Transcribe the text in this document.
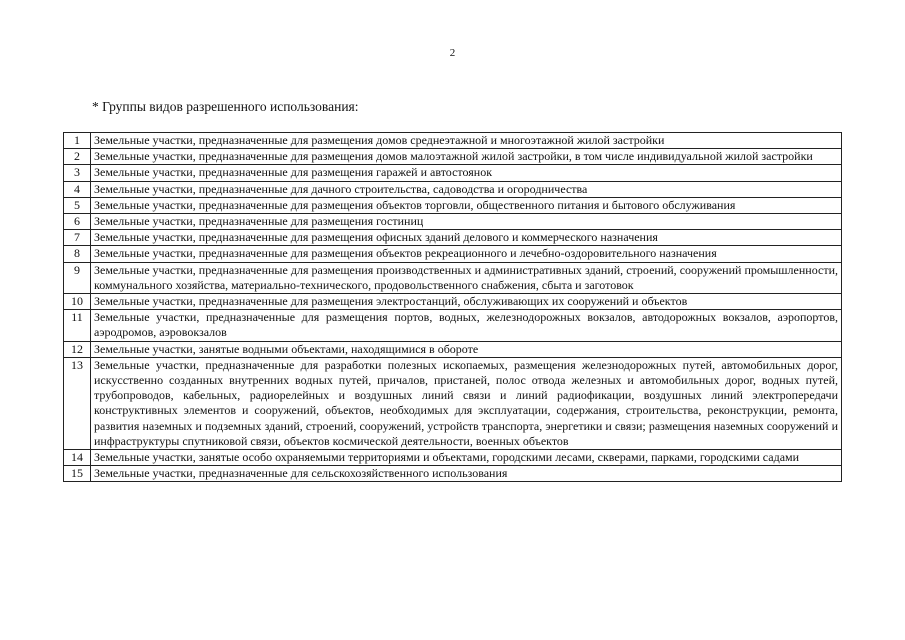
2
* Группы видов разрешенного использования:
1	Земельные участки, предназначенные для размещения домов среднеэтажной и многоэтажной жилой застройки
2	Земельные участки, предназначенные для размещения домов малоэтажной жилой застройки, в том числе индивидуальной жилой застройки
3	Земельные участки, предназначенные для размещения гаражей и автостоянок
4	Земельные участки, предназначенные для дачного строительства, садоводства и огородничества
5	Земельные участки, предназначенные для размещения объектов торговли, общественного питания и бытового обслуживания
6	Земельные участки, предназначенные для размещения гостиниц
7	Земельные участки, предназначенные для размещения офисных зданий делового и коммерческого назначения
8	Земельные участки, предназначенные для размещения объектов рекреационного и лечебно-оздоровительного назначения
9	Земельные участки, предназначенные для размещения производственных и административных зданий, строений, сооружений промышленности, коммунального хозяйства, материально-технического, продовольственного снабжения, сбыта и заготовок
10	Земельные участки, предназначенные для размещения электростанций, обслуживающих их сооружений и объектов
11	Земельные участки, предназначенные для размещения портов, водных, железнодорожных вокзалов, автодорожных вокзалов, аэропортов, аэродромов, аэровокзалов
12	Земельные участки, занятые водными объектами, находящимися в обороте
13	Земельные участки, предназначенные для разработки полезных ископаемых, размещения железнодорожных путей, автомобильных дорог, искусственно созданных внутренних водных путей, причалов, пристаней, полос отвода железных и автомобильных дорог, водных путей, трубопроводов, кабельных, радиорелейных и воздушных линий связи и линий радиофикации, воздушных линий электропередачи конструктивных элементов и сооружений, объектов, необходимых для эксплуатации, содержания, строительства, реконструкции, ремонта, развития наземных и подземных зданий, строений, сооружений, устройств транспорта, энергетики и связи; размещения наземных сооружений и инфраструктуры спутниковой связи, объектов космической деятельности, военных объектов
14	Земельные участки, занятые особо охраняемыми территориями и объектами, городскими лесами, скверами, парками, городскими садами
15	Земельные участки, предназначенные для сельскохозяйственного использования
